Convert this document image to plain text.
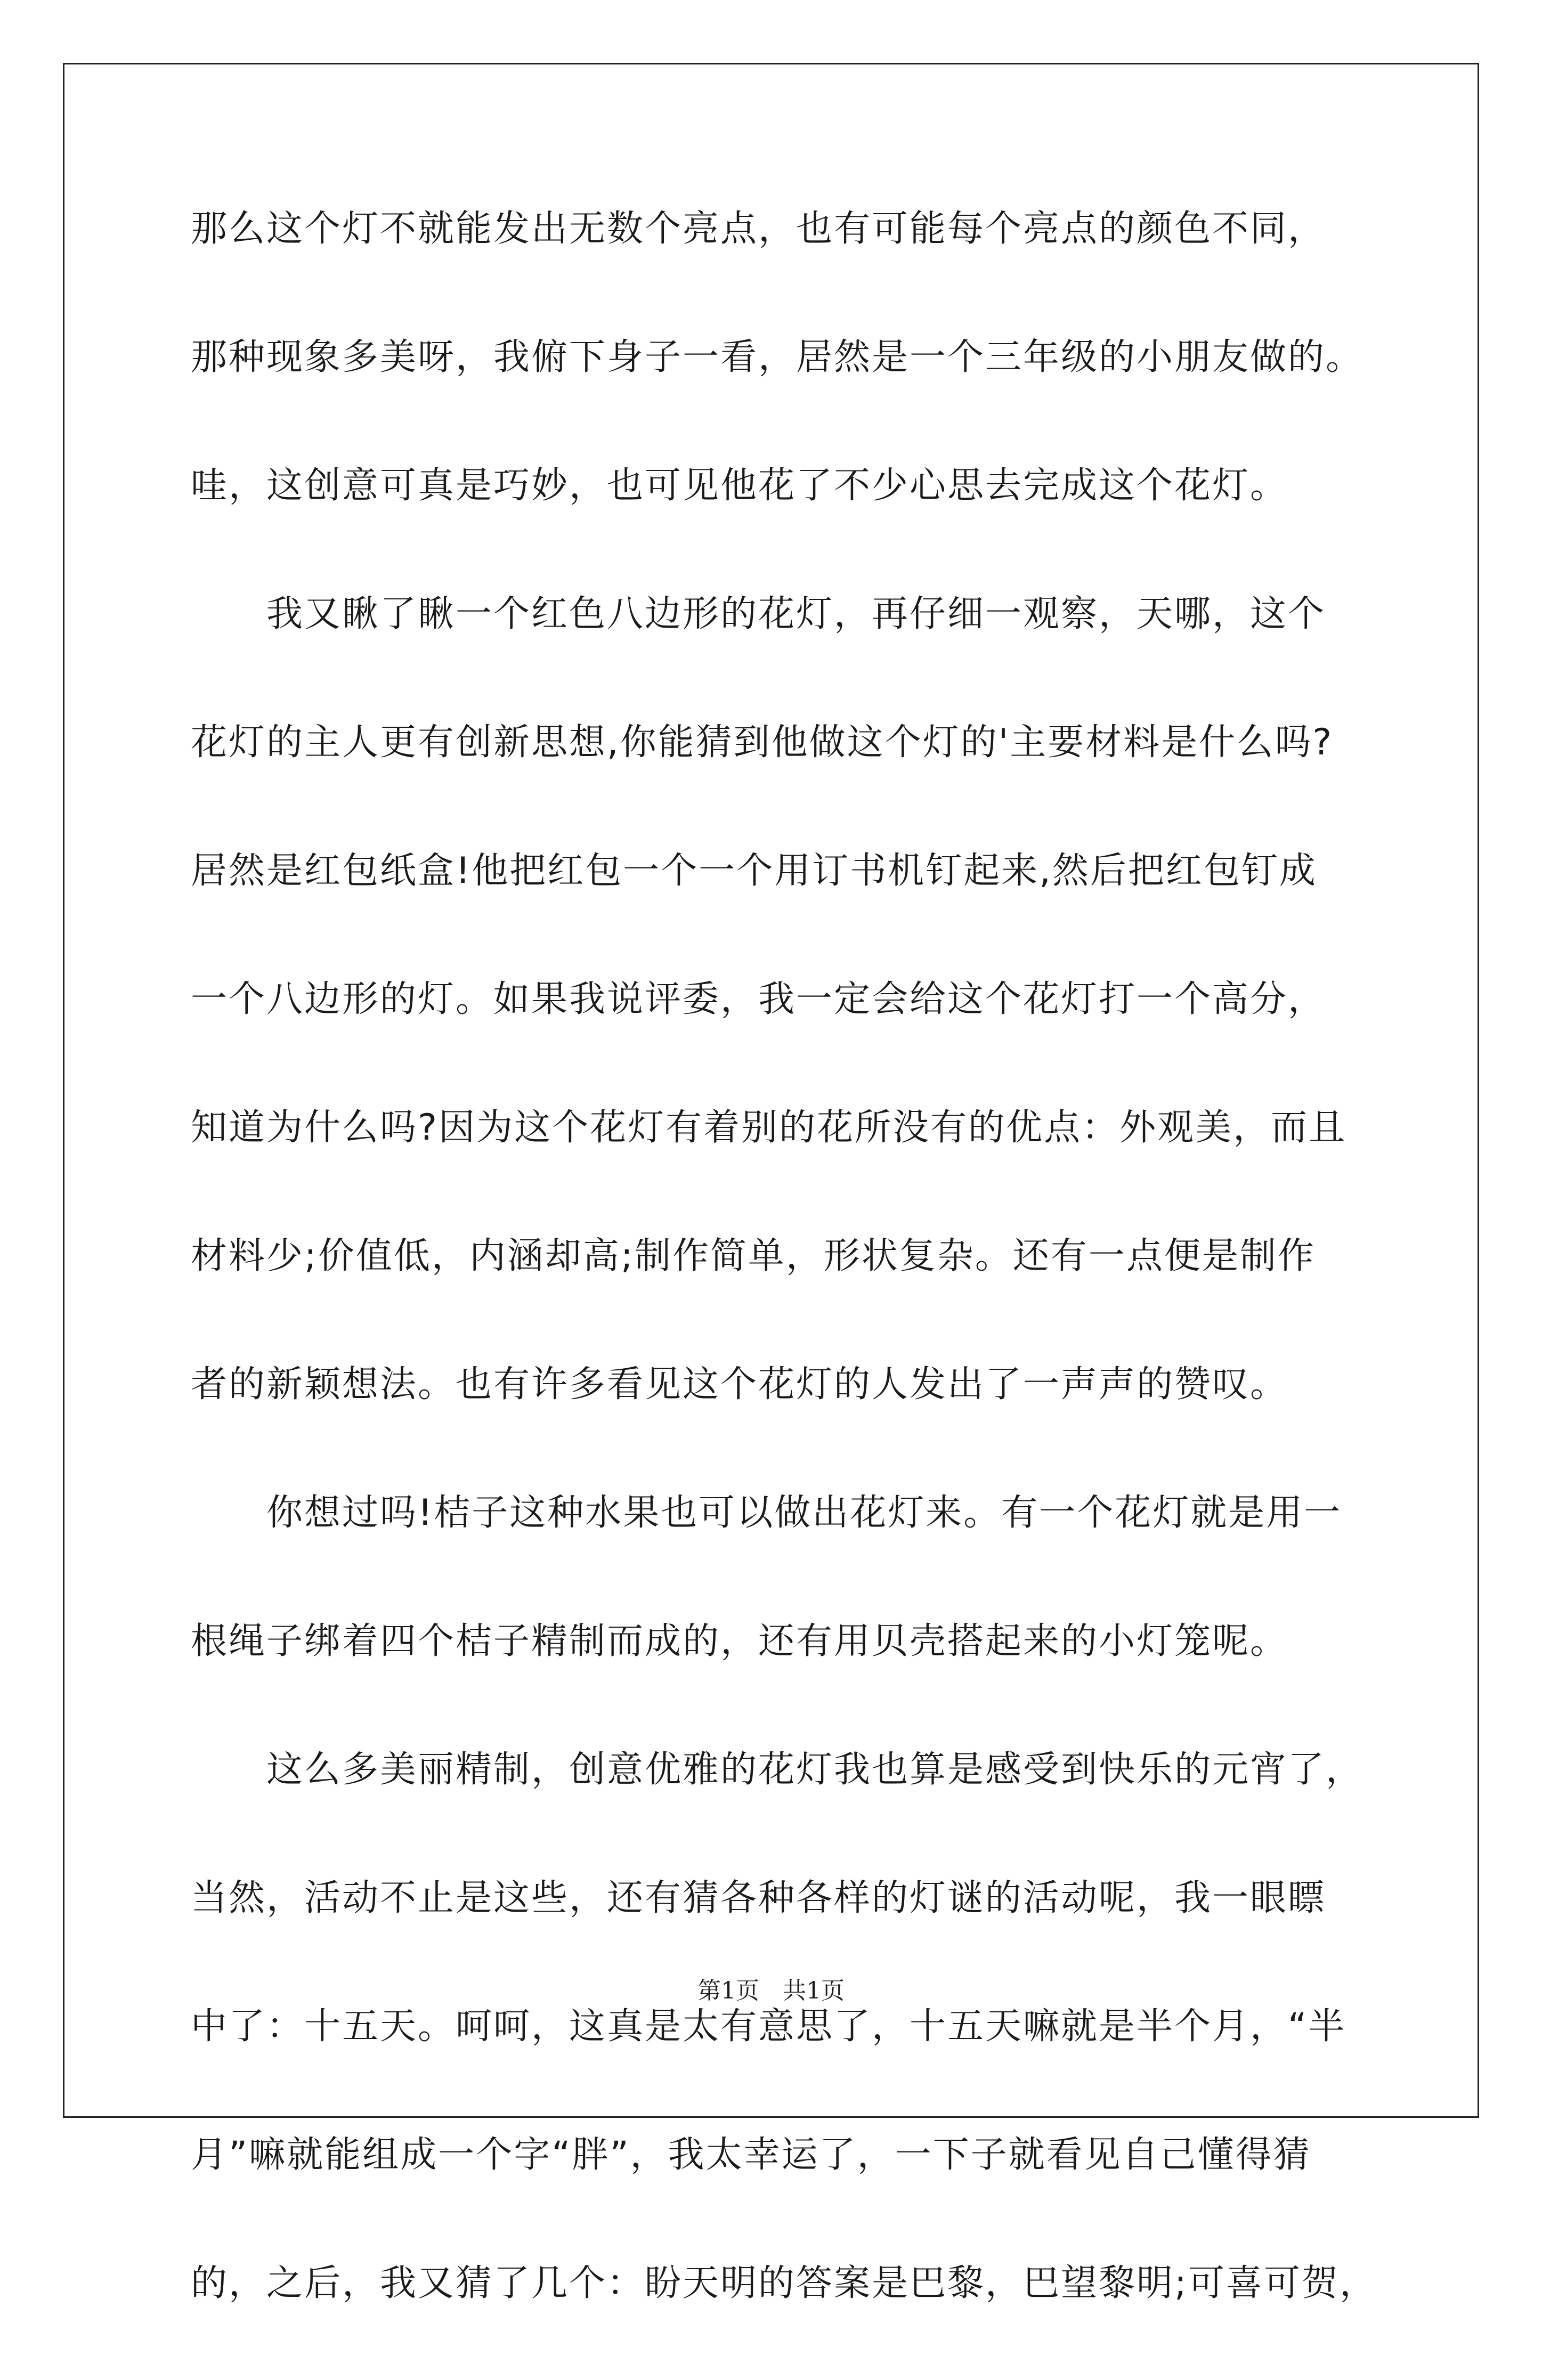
那么这个灯不就能发出无数个亮点，也有可能每个亮点的颜色不同，
那种现象多美呀，我俯下身子一看，居然是一个三年级的小朋友做的。
哇，这创意可真是巧妙，也可见他花了不少心思去完成这个花灯。
　　我又瞅了瞅一个红色八边形的花灯，再仔细一观察，天哪，这个
花灯的主人更有创新思想,你能猜到他做这个灯的'主要材料是什么吗?
居然是红包纸盒!他把红包一个一个用订书机钉起来,然后把红包钉成
一个八边形的灯。如果我说评委，我一定会给这个花灯打一个高分，
知道为什么吗?因为这个花灯有着别的花所没有的优点：外观美，而且
材料少;价值低，内涵却高;制作简单，形状复杂。还有一点便是制作
者的新颖想法。也有许多看见这个花灯的人发出了一声声的赞叹。
　　你想过吗!桔子这种水果也可以做出花灯来。有一个花灯就是用一
根绳子绑着四个桔子精制而成的，还有用贝壳搭起来的小灯笼呢。
　　这么多美丽精制，创意优雅的花灯我也算是感受到快乐的元宵了，
当然，活动不止是这些，还有猜各种各样的灯谜的活动呢，我一眼瞟
中了：十五天。呵呵，这真是太有意思了，十五天嘛就是半个月，“半
月”嘛就能组成一个字“胖”，我太幸运了，一下子就看见自己懂得猜
的，之后，我又猜了几个：盼天明的答案是巴黎，巴望黎明;可喜可贺，
第1页　共1页
